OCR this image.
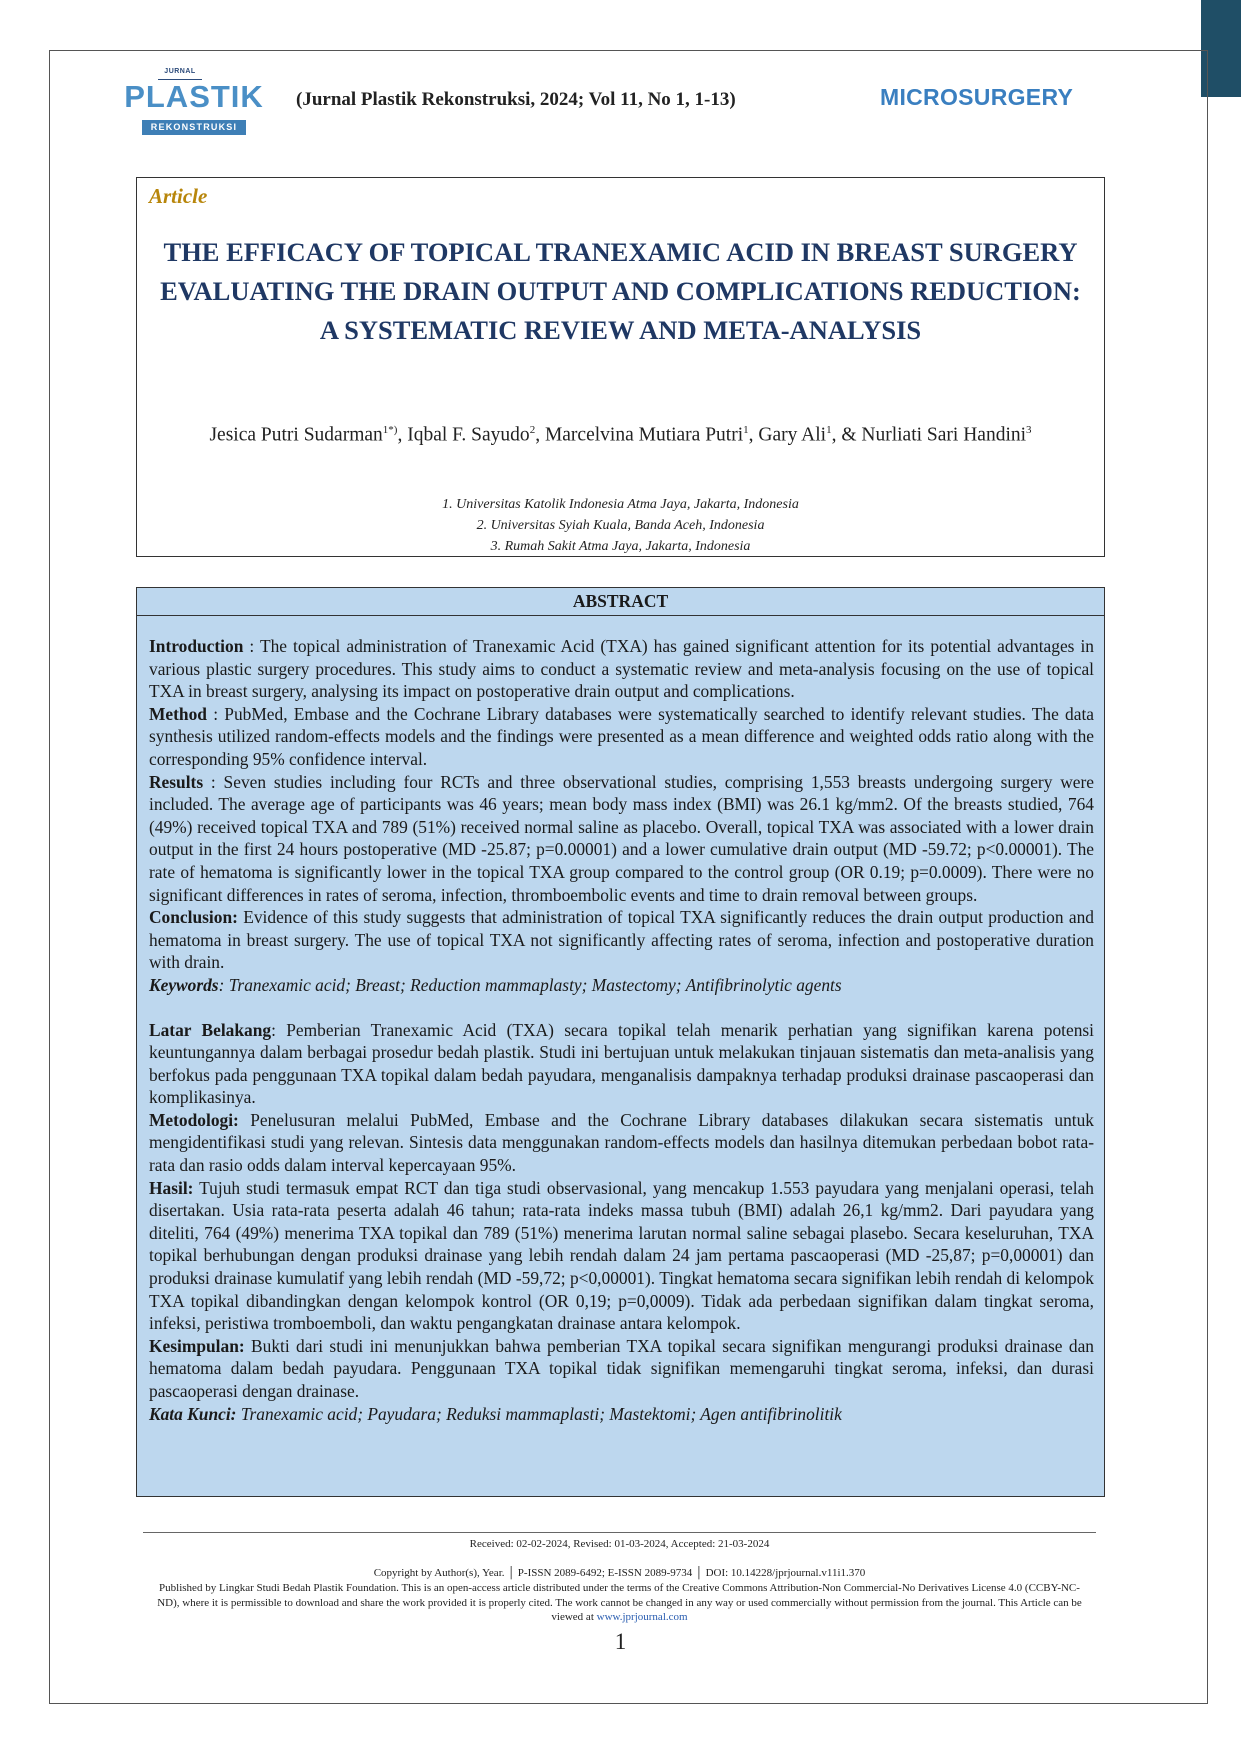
JURNAL
PLASTIK
REKONSTRUKSI
(Jurnal Plastik Rekonstruksi, 2024; Vol 11, No 1, 1-13)	MICROSURGERY
Article
THE EFFICACY OF TOPICAL TRANEXAMIC ACID IN BREAST SURGERY EVALUATING THE DRAIN OUTPUT AND COMPLICATIONS REDUCTION: A SYSTEMATIC REVIEW AND META-ANALYSIS
Jesica Putri Sudarman$^{1*)}$, Iqbal F. Sayudo$^2$, Marcelvina Mutiara Putri$^1$, Gary Ali$^1$, & Nurliati Sari Handini$^3$
1. Universitas Katolik Indonesia Atma Jaya, Jakarta, Indonesia
2. Universitas Syiah Kuala, Banda Aceh, Indonesia
3. Rumah Sakit Atma Jaya, Jakarta, Indonesia
ABSTRACT

Introduction : The topical administration of Tranexamic Acid (TXA) has gained significant attention for its potential advantages in various plastic surgery procedures. This study aims to conduct a systematic review and meta-analysis focusing on the use of topical TXA in breast surgery, analysing its impact on postoperative drain output and complications.

Method : PubMed, Embase and the Cochrane Library databases were systematically searched to identify relevant studies. The data synthesis utilized random-effects models and the findings were presented as a mean difference and weighted odds ratio along with the corresponding 95% confidence interval.

Results : Seven studies including four RCTs and three observational studies, comprising 1,553 breasts undergoing surgery were included. The average age of participants was 46 years; mean body mass index (BMI) was 26.1 kg/mm2. Of the breasts studied, 764 (49%) received topical TXA and 789 (51%) received normal saline as placebo. Overall, topical TXA was associated with a lower drain output in the first 24 hours postoperative (MD -25.87; p=0.00001) and a lower cumulative drain output (MD -59.72; p<0.00001). The rate of hematoma is significantly lower in the topical TXA group compared to the control group (OR 0.19; p=0.0009). There were no significant differences in rates of seroma, infection, thromboembolic events and time to drain removal between groups.

Conclusion: Evidence of this study suggests that administration of topical TXA significantly reduces the drain output production and hematoma in breast surgery. The use of topical TXA not significantly affecting rates of seroma, infection and postoperative duration with drain.

Keywords: Tranexamic acid; Breast; Reduction mammaplasty; Mastectomy; Antifibrinolytic agents

Latar Belakang: Pemberian Tranexamic Acid (TXA) secara topikal telah menarik perhatian yang signifikan karena potensi keuntungannya dalam berbagai prosedur bedah plastik. Studi ini bertujuan untuk melakukan tinjauan sistematis dan meta-analisis yang berfokus pada penggunaan TXA topikal dalam bedah payudara, menganalisis dampaknya terhadap produksi drainase pascaoperasi dan komplikasinya.

Metodologi: Penelusuran melalui PubMed, Embase and the Cochrane Library databases dilakukan secara sistematis untuk mengidentifikasi studi yang relevan. Sintesis data menggunakan random-effects models dan hasilnya ditemukan perbedaan bobot rata-rata dan rasio odds dalam interval kepercayaan 95%.

Hasil: Tujuh studi termasuk empat RCT dan tiga studi observasional, yang mencakup 1.553 payudara yang menjalani operasi, telah disertakan. Usia rata-rata peserta adalah 46 tahun; rata-rata indeks massa tubuh (BMI) adalah 26,1 kg/mm2. Dari payudara yang diteliti, 764 (49%) menerima TXA topikal dan 789 (51%) menerima larutan normal saline sebagai plasebo. Secara keseluruhan, TXA topikal berhubungan dengan produksi drainase yang lebih rendah dalam 24 jam pertama pascaoperasi (MD -25,87; p=0,00001) dan produksi drainase kumulatif yang lebih rendah (MD -59,72; p<0,00001). Tingkat hematoma secara signifikan lebih rendah di kelompok TXA topikal dibandingkan dengan kelompok kontrol (OR 0,19; p=0,0009). Tidak ada perbedaan signifikan dalam tingkat seroma, infeksi, peristiwa tromboemboli, dan waktu pengangkatan drainase antara kelompok.

Kesimpulan: Bukti dari studi ini menunjukkan bahwa pemberian TXA topikal secara signifikan mengurangi produksi drainase dan hematoma dalam bedah payudara. Penggunaan TXA topikal tidak signifikan memengaruhi tingkat seroma, infeksi, dan durasi pascaoperasi dengan drainase.

Kata Kunci: Tranexamic acid; Payudara; Reduksi mammaplasti; Mastektomi; Agen antifibrinolitik

Received: 02-02-2024, Revised: 01-03-2024, Accepted: 21-03-2024
Copyright by Author(s), Year. │ P-ISSN 2089-6492; E-ISSN 2089-9734 │ DOI: 10.14228/jprjournal.v11i1.370
Published by Lingkar Studi Bedah Plastik Foundation. This is an open-access article distributed under the terms of the Creative Commons Attribution-Non Commercial-No Derivatives License 4.0 (CCBY-NC-ND), where it is permissible to download and share the work provided it is properly cited. The work cannot be changed in any way or used commercially without permission from the journal. This Article can be viewed at www.jprjournal.com
1
